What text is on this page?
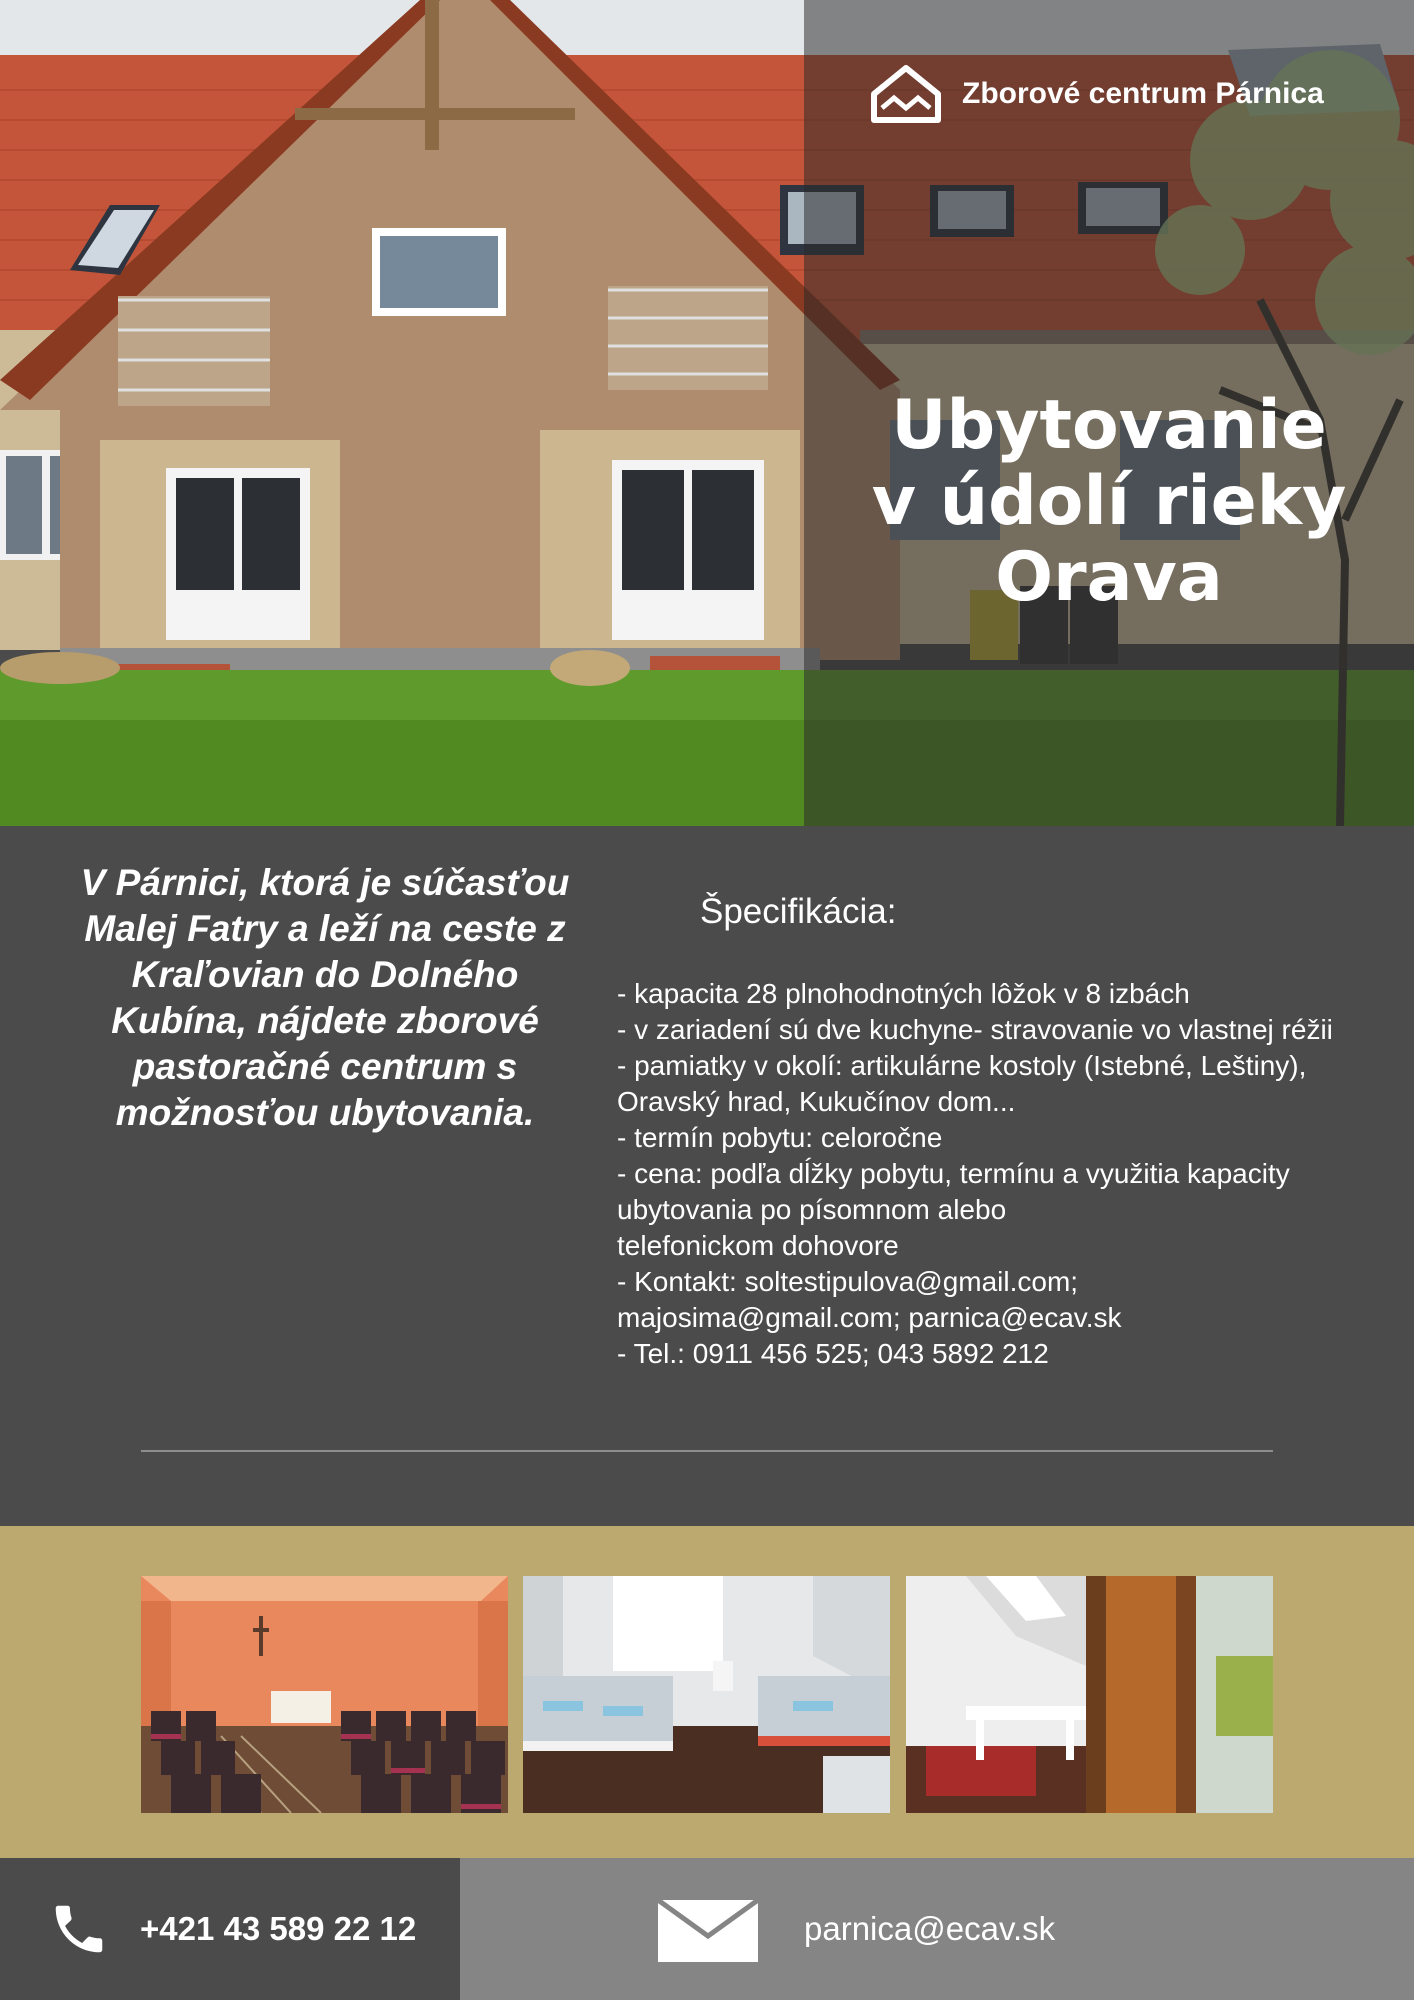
Zborové centrum Párnica
Ubytovanie
v údolí rieky
Orava
V Párnici, ktorá je súčasťou
Malej Fatry a leží na ceste z
Kraľovian do Dolného
Kubína, nájdete zborové
pastoračné centrum s
možnosťou ubytovania.
Špecifikácia:
- kapacita 28 plnohodnotných lôžok v 8 izbách
- v zariadení sú dve kuchyne- stravovanie vo vlastnej réžii
- pamiatky v okolí: artikulárne kostoly (Istebné, Leštiny),
Oravský hrad, Kukučínov dom...
- termín pobytu: celoročne
- cena: podľa dĺžky pobytu, termínu a využitia kapacity
ubytovania po písomnom alebo
telefonickom dohovore
- Kontakt: soltestipulova@gmail.com;
majosima@gmail.com; parnica@ecav.sk
- Tel.: 0911 456 525; 043 5892 212
+421 43 589 22 12	parnica@ecav.sk
